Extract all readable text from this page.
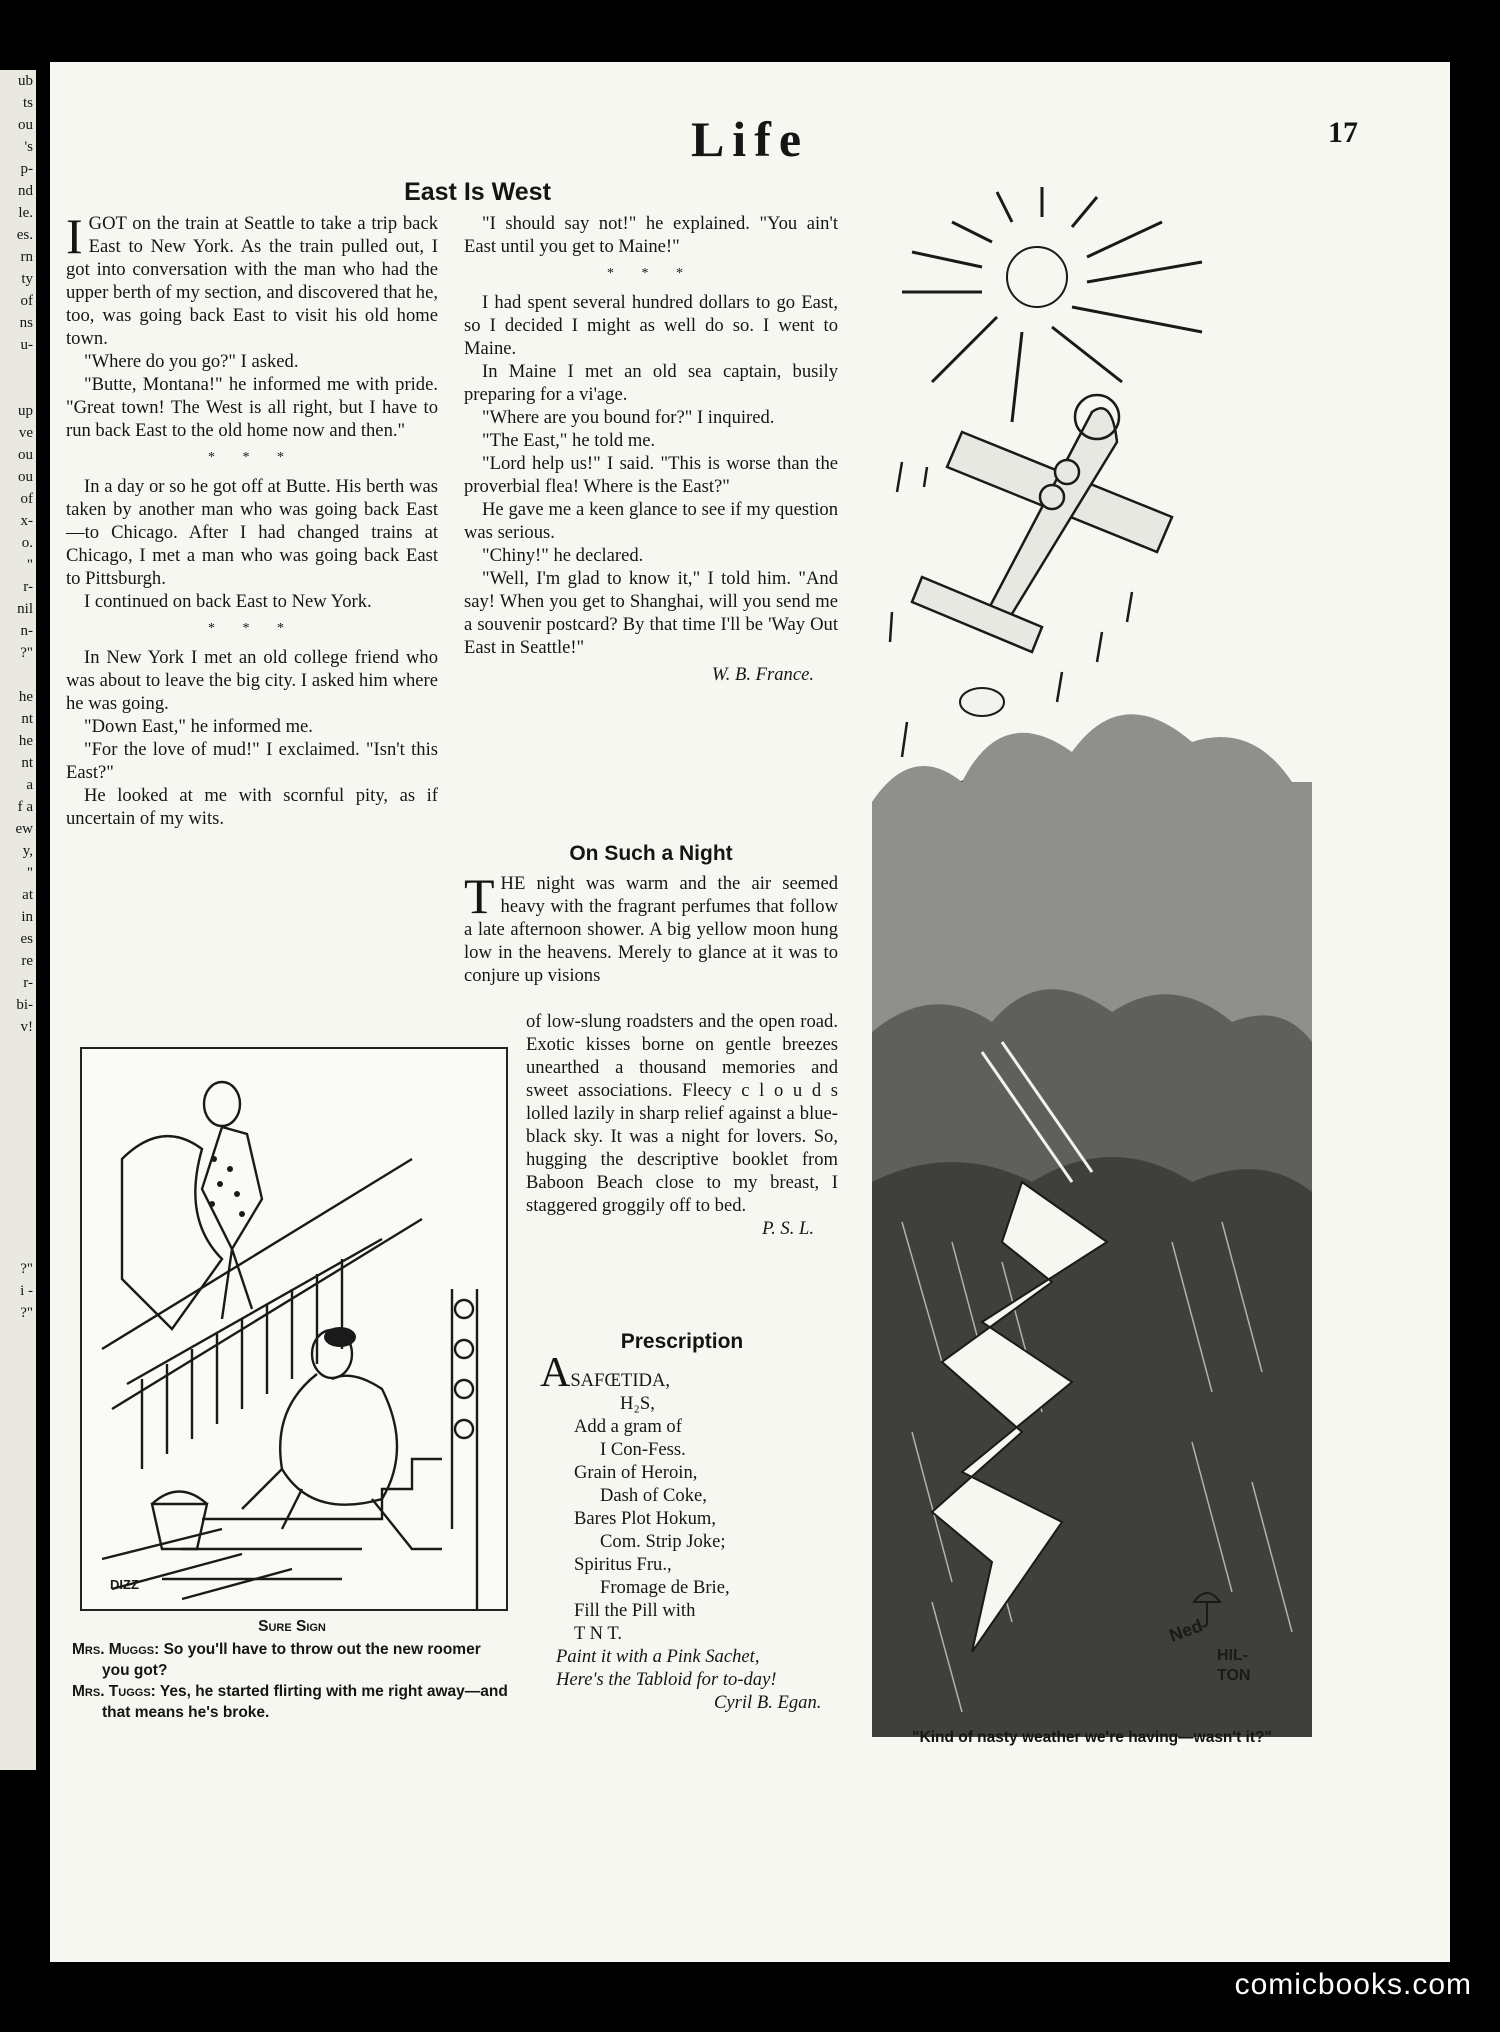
ub
ts
ou
's
p-
nd
le.
es.
rn
ty
of
ns
u-

up
ve
ou
ou
of
x-
o.
"
r-
nil
n-
?"

he
nt
he
nt
a
f a
ew
y,
"
at
in
es
re
r-
bi-
v!

?"
i -
?"
Life	17
East Is West

IGOT on the train at Seattle to take a trip back East to New York. As the train pulled out, I got into conversation with the man who had the upper berth of my section, and discovered that he, too, was going back East to visit his old home town.

"Where do you go?" I asked.

"Butte, Montana!" he informed me with pride. "Great town! The West is all right, but I have to run back East to the old home now and then."

* * *

In a day or so he got off at Butte. His berth was taken by another man who was going back East—to Chicago. After I had changed trains at Chicago, I met a man who was going back East to Pittsburgh.

I continued on back East to New York.

* * *

In New York I met an old college friend who was about to leave the big city. I asked him where he was going.

"Down East," he informed me.

"For the love of mud!" I exclaimed. "Isn't this East?"

He looked at me with scornful pity, as if uncertain of my wits.

"I should say not!" he explained. "You ain't East until you get to Maine!"

* * *

I had spent several hundred dollars to go East, so I decided I might as well do so. I went to Maine.

In Maine I met an old sea captain, busily preparing for a vi'age.

"Where are you bound for?" I inquired.

"The East," he told me.

"Lord help us!" I said. "This is worse than the proverbial flea! Where is the East?"

He gave me a keen glance to see if my question was serious.

"Chiny!" he declared.

"Well, I'm glad to know it," I told him. "And say! When you get to Shanghai, will you send me a souvenir postcard? By that time I'll be 'Way Out East in Seattle!"

W. B. France.
On Such a Night

THE night was warm and the air seemed heavy with the fragrant perfumes that follow a late afternoon shower. A big yellow moon hung low in the heavens. Merely to glance at it was to conjure up visions

of low-slung roadsters and the open road. Exotic kisses borne on gentle breezes unearthed a thousand memories and sweet associations. Fleecy c l o u d s lolled lazily in sharp relief against a blue-black sky. It was a night for lovers. So, hugging the descriptive booklet from Baboon Beach close to my breast, I staggered groggily off to bed.

P. S. L.
Prescription
ASAFŒTIDA,
H₂S,
Add a gram of
I Con-Fess.
Grain of Heroin,
Dash of Coke,
Bares Plot Hokum,
Com. Strip Joke;
Spiritus Fru.,
Fromage de Brie,
Fill the Pill with
T N T.
Paint it with a Pink Sachet,
Here's the Tabloid for to-day!
Cyril B. Egan.
DIZZ
Sure Sign
Mrs. Muggs: So you'll have to throw out the new roomer you got?
Mrs. Tuggs: Yes, he started flirting with me right away—and that means he's broke.
Ned
HIL-
TON
"Kind of nasty weather we're having—wasn't it?"
comicbooks.com
